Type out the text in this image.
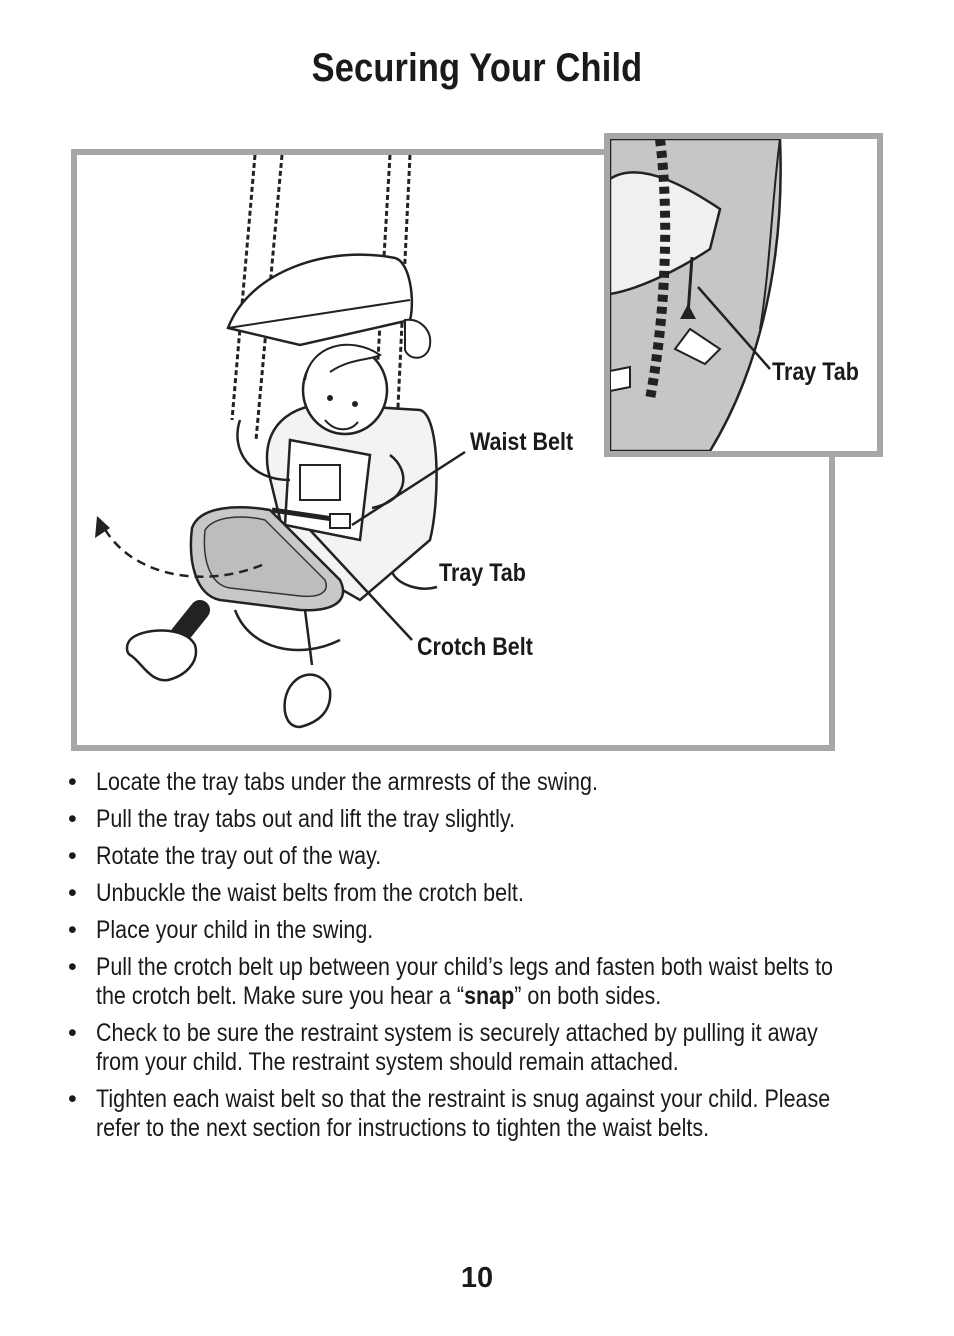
Securing Your Child
Waist Belt
Tray Tab
Crotch Belt
Tray Tab
• Locate the tray tabs under the armrests of the swing.
• Pull the tray tabs out and lift the tray slightly.
• Rotate the tray out of the way.
• Unbuckle the waist belts from the crotch belt.
• Place your child in the swing.
• Pull the crotch belt up between your child’s legs and fasten both waist belts to the crotch belt. Make sure you hear a “snap” on both sides.
• Check to be sure the restraint system is securely attached by pulling it away from your child. The restraint system should remain attached.
• Tighten each waist belt so that the restraint is snug against your child. Please refer to the next section for instructions to tighten the waist belts.
10
